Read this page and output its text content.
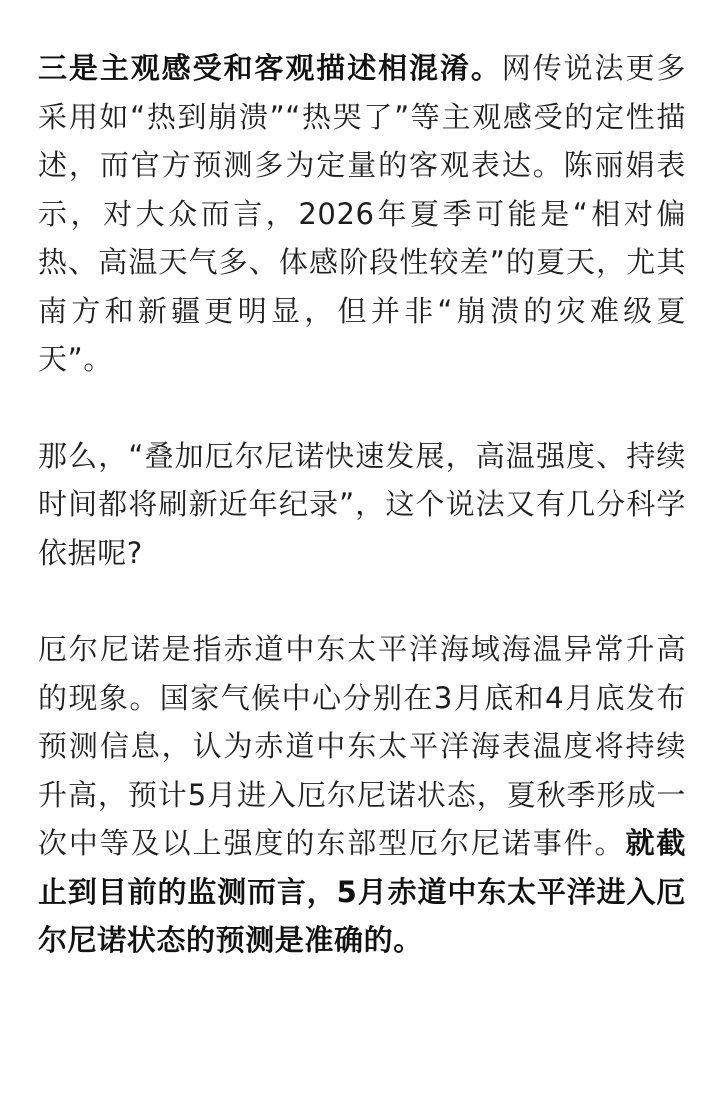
三是主观感受和客观描述相混淆。网传说法更多采用如“热到崩溃”“热哭了”等主观感受的定性描述，而官方预测多为定量的客观表达。陈丽娟表示，对大众而言，2026年夏季可能是“相对偏热、高温天气多、体感阶段性较差”的夏天，尤其南方和新疆更明显，但并非“崩溃的灾难级夏天”。

那么，“叠加厄尔尼诺快速发展，高温强度、持续时间都将刷新近年纪录”，这个说法又有几分科学依据呢?

厄尔尼诺是指赤道中东太平洋海域海温异常升高的现象。国家气候中心分别在3月底和4月底发布预测信息，认为赤道中东太平洋海表温度将持续升高，预计5月进入厄尔尼诺状态，夏秋季形成一次中等及以上强度的东部型厄尔尼诺事件。就截止到目前的监测而言，5月赤道中东太平洋进入厄尔尼诺状态的预测是准确的。
